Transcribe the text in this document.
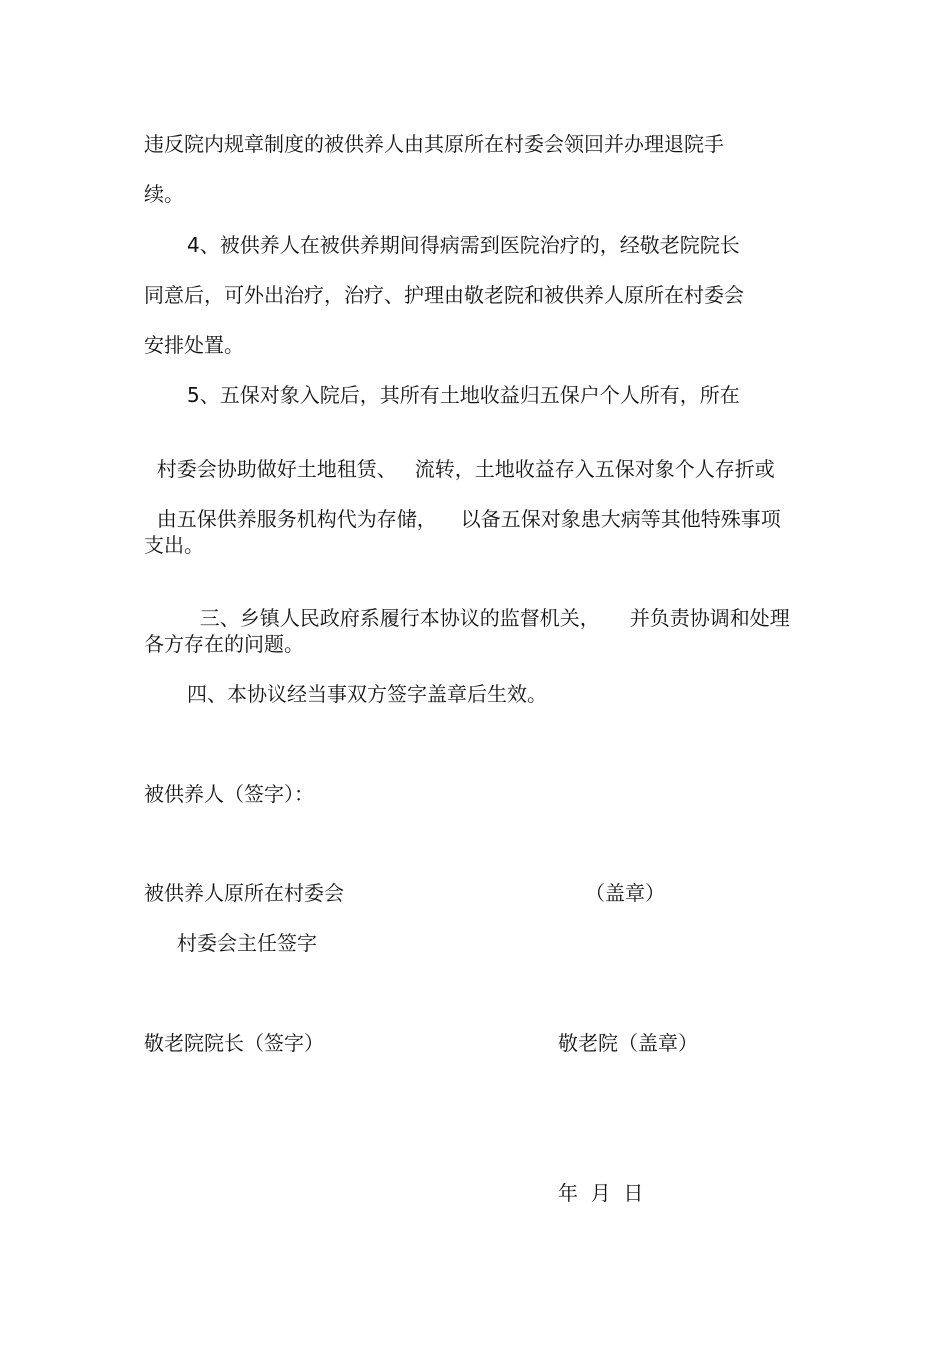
违反院内规章制度的被供养人由其原所在村委会领回并办理退院手

续。

4、被供养人在被供养期间得病需到医院治疗的，经敬老院院长

同意后，可外出治疗，治疗、护理由敬老院和被供养人原所在村委会

安排处置。

5、五保对象入院后，其所有土地收益归五保户个人所有，所在

村委会协助做好土地租赁、 流转，土地收益存入五保对象个人存折或

由五保供养服务机构代为存储， 以备五保对象患大病等其他特殊事项

支出。

三、乡镇人民政府系履行本协议的监督机关， 并负责协调和处理

各方存在的问题。

四、本协议经当事双方签字盖章后生效。

被供养人（签字）：

被供养人原所在村委会	（盖章）

村委会主任签字

敬老院院长（签字）	敬老院（盖章）

年  月  日
